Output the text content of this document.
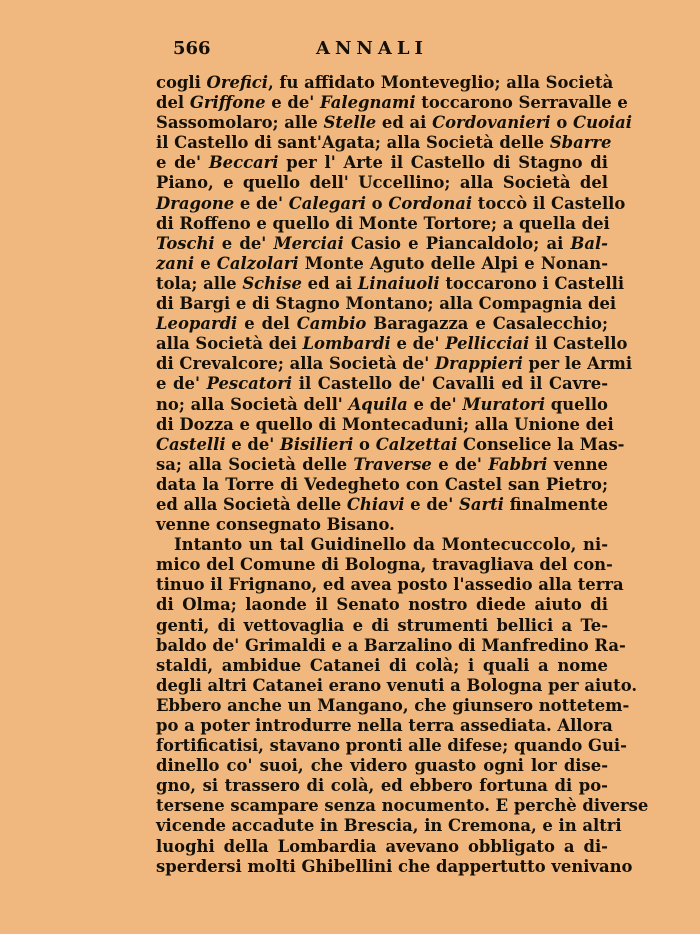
566	ANNALI
cogli Orefici, fu affidato Monteveglio; alla Società
del Griffone e de' Falegnami toccarono Serravalle e
Sassomolaro; alle Stelle ed ai Cordovanieri o Cuoiai
il Castello di sant'Agata; alla Società delle Sbarre
e de' Beccari per l' Arte il Castello di Stagno di
Piano, e quello dell' Uccellino; alla Società del
Dragone e de' Calegari o Cordonai toccò il Castello
di Roffeno e quello di Monte Tortore; a quella dei
Toschi e de' Merciai Casio e Piancaldolo; ai Bal-
zani e Calzolari Monte Aguto delle Alpi e Nonan-
tola; alle Schise ed ai Linaiuoli toccarono i Castelli
di Bargi e di Stagno Montano; alla Compagnia dei
Leopardi e del Cambio Baragazza e Casalecchio;
alla Società dei Lombardi e de' Pellicciai il Castello
di Crevalcore; alla Società de' Drappieri per le Armi
e de' Pescatori il Castello de' Cavalli ed il Cavre-
no; alla Società dell' Aquila e de' Muratori quello
di Dozza e quello di Montecaduni; alla Unione dei
Castelli e de' Bisilieri o Calzettai Conselice la Mas-
sa; alla Società delle Traverse e de' Fabbri venne
data la Torre di Vedegheto con Castel san Pietro;
ed alla Società delle Chiavi e de' Sarti finalmente
venne consegnato Bisano.
Intanto un tal Guidinello da Montecuccolo, ni-
mico del Comune di Bologna, travagliava del con-
tinuo il Frignano, ed avea posto l'assedio alla terra
di Olma; laonde il Senato nostro diede aiuto di
genti, di vettovaglia e di strumenti bellici a Te-
baldo de' Grimaldi e a Barzalino di Manfredino Ra-
staldi, ambidue Catanei di colà; i quali a nome
degli altri Catanei erano venuti a Bologna per aiuto.
Ebbero anche un Mangano, che giunsero nottetem-
po a poter introdurre nella terra assediata. Allora
fortificatisi, stavano pronti alle difese; quando Gui-
dinello co' suoi, che videro guasto ogni lor dise-
gno, si trassero di colà, ed ebbero fortuna di po-
tersene scampare senza nocumento. E perchè diverse
vicende accadute in Brescia, in Cremona, e in altri
luoghi della Lombardia avevano obbligato a di-
sperdersi molti Ghibellini che dappertutto venivano
